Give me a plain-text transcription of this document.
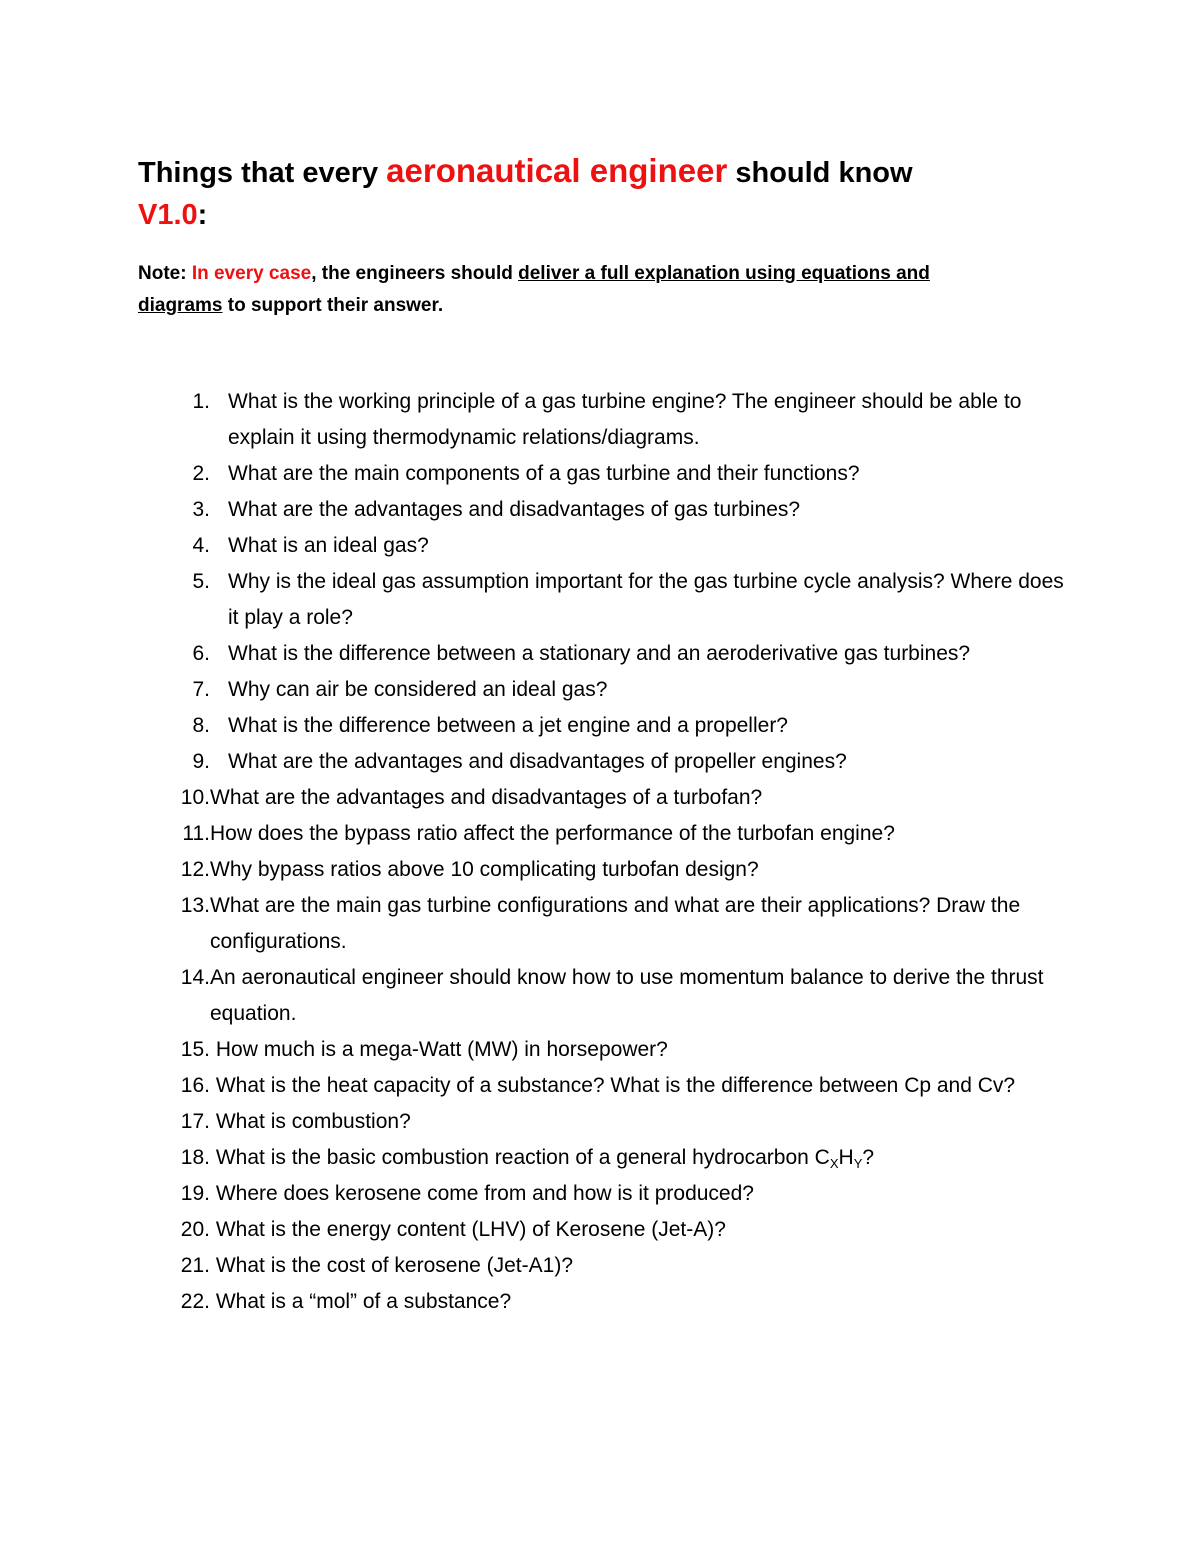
Things that every aeronautical engineer should know
V1.0:

Note: In every case, the engineers should deliver a full explanation using equations and
diagrams to support their answer.

1. What is the working principle of a gas turbine engine? The engineer should be able to explain it using thermodynamic relations/diagrams.
2. What are the main components of a gas turbine and their functions?
3. What are the advantages and disadvantages of gas turbines?
4. What is an ideal gas?
5. Why is the ideal gas assumption important for the gas turbine cycle analysis? Where does it play a role?
6. What is the difference between a stationary and an aeroderivative gas turbines?
7. Why can air be considered an ideal gas?
8. What is the difference between a jet engine and a propeller?
9. What are the advantages and disadvantages of propeller engines?
10. What are the advantages and disadvantages of a turbofan?
11. How does the bypass ratio affect the performance of the turbofan engine?
12. Why bypass ratios above 10 complicating turbofan design?
13. What are the main gas turbine configurations and what are their applications? Draw the configurations.
14. An aeronautical engineer should know how to use momentum balance to derive the thrust equation.
15. How much is a mega-Watt (MW) in horsepower?
16. What is the heat capacity of a substance? What is the difference between Cp and Cv?
17. What is combustion?
18. What is the basic combustion reaction of a general hydrocarbon $C_XH_Y$?
19. Where does kerosene come from and how is it produced?
20. What is the energy content (LHV) of Kerosene (Jet-A)?
21. What is the cost of kerosene (Jet-A1)?
22. What is a “mol” of a substance?
